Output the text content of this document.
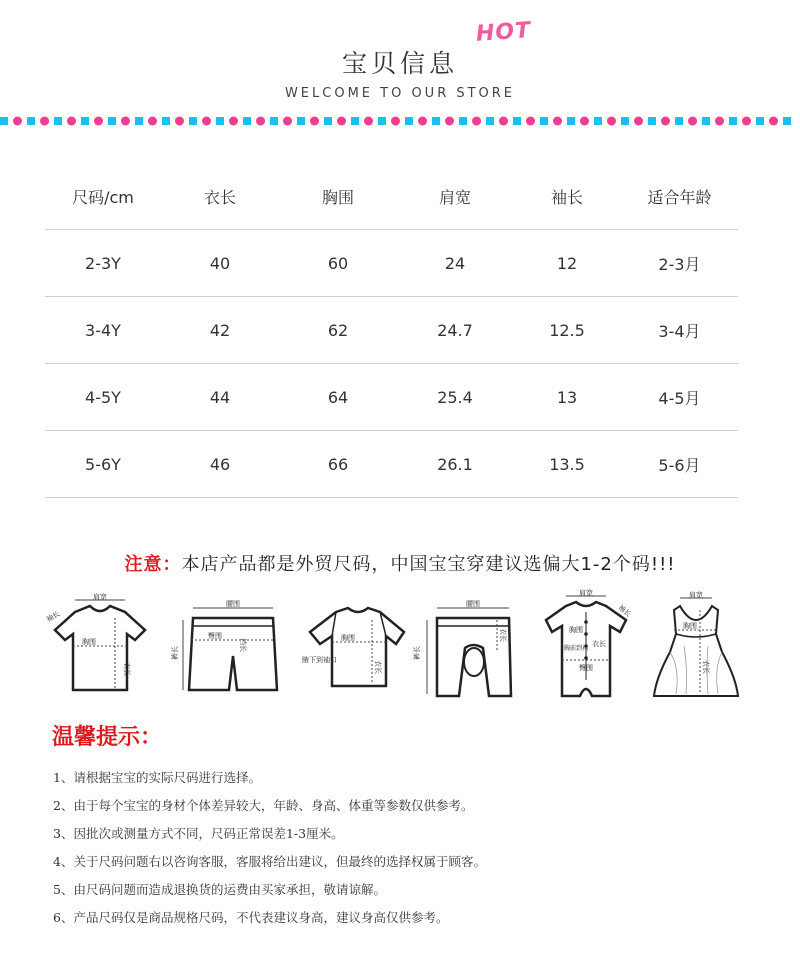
宝贝信息
HOT
WELCOME TO OUR STORE
尺码/cm	衣长	胸围	肩宽	袖长	适合年龄
2-3Y	40	60	24	12	2-3月
3-4Y	42	62	24.7	12.5	3-4月
4-5Y	44	64	25.4	13	4-5月
5-6Y	46	66	26.1	13.5	5-6月
注意：本店产品都是外贸尺码，中国宝宝穿建议选偏大1-2个码!!!
肩宽
袖长
胸围
衣长
腰围
臀围
裆长
裤长
胸围
腋下到袖口	衣长
腰围
衣长
裤长
肩宽
袖长
胸围
胸前到裆
衣长
臀围
肩宽
胸围
衣长
温馨提示：
1、请根据宝宝的实际尺码进行选择。
2、由于每个宝宝的身材个体差异较大，年龄、身高、体重等参数仅供参考。
3、因批次或测量方式不同，尺码正常误差1-3厘米。
4、关于尺码问题右以咨询客服，客服将给出建议，但最终的选择权属于顾客。
5、由尺码问题而造成退换货的运费由买家承担，敬请谅解。
6、产品尺码仅是商品规格尺码，不代表建议身高，建议身高仅供参考。
